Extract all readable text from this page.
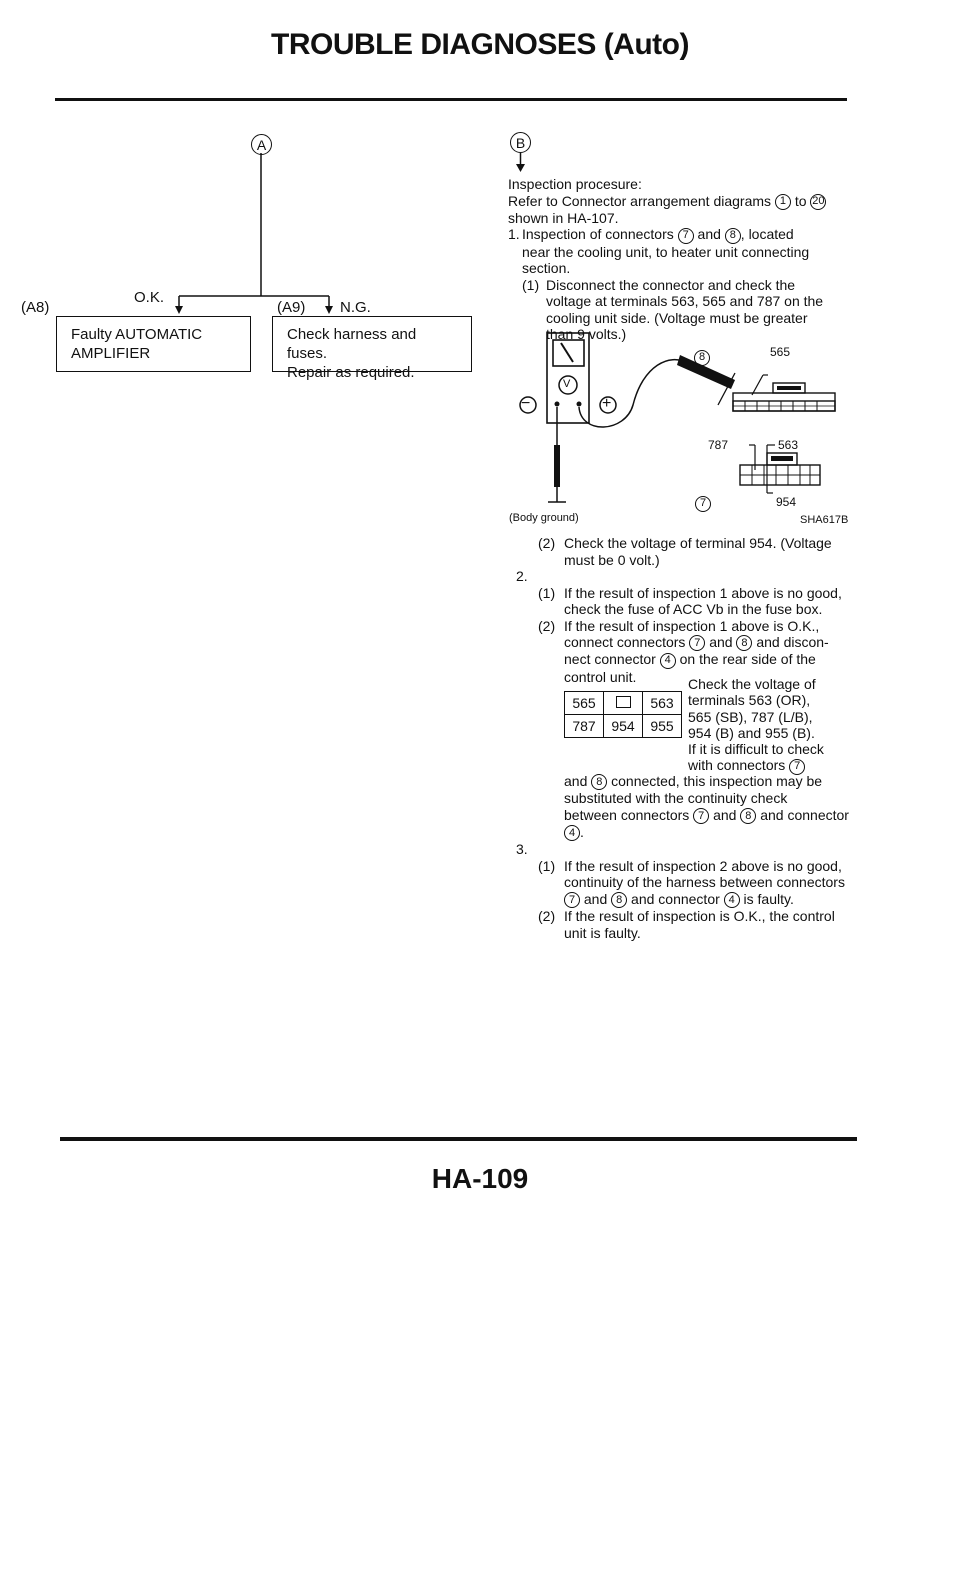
TROUBLE DIAGNOSES (Auto)
A
(A8)
O.K.
(A9) N.G.
Faulty AUTOMATIC
AMPLIFIER
Check harness and fuses.
Repair as required.
B

Inspection procesure:

Refer to Connector arrangement diagrams 1 to 20

shown in HA-107.

1. Inspection of connectors 7 and 8 , located

near the cooling unit, to heater unit connecting

section.

(1) Disconnect the connector and check the

voltage at terminals 563, 565 and 787 on the

cooling unit side. (Voltage must be greater

than 9 volts.)

−	+
V
8	565
787	563
7	954
(Body ground)	SHA617B
(2) Check the voltage of terminal 954. (Voltage

must be 0 volt.)

2.

(1) If the result of inspection 1 above is no good,

check the fuse of ACC Vb in the fuse box.

(2) If the result of inspection 1 above is O.K.,

connect connectors 7 and 8 and discon-

nect connector 4 on the rear side of the

control unit.

565		563
787	954	955

Check the voltage of

terminals 563 (OR),

565 (SB), 787 (L/B),

954 (B) and 955 (B).

If it is difficult to check

with connectors 7

and 8 connected, this inspection may be

substituted with the continuity check

between connectors 7 and 8 and connector

4 .

3.

(1) If the result of inspection 2 above is no good,

continuity of the harness between connectors

7 and 8 and connector 4 is faulty.

(2) If the result of inspection is O.K., the control

unit is faulty.

HA-109
